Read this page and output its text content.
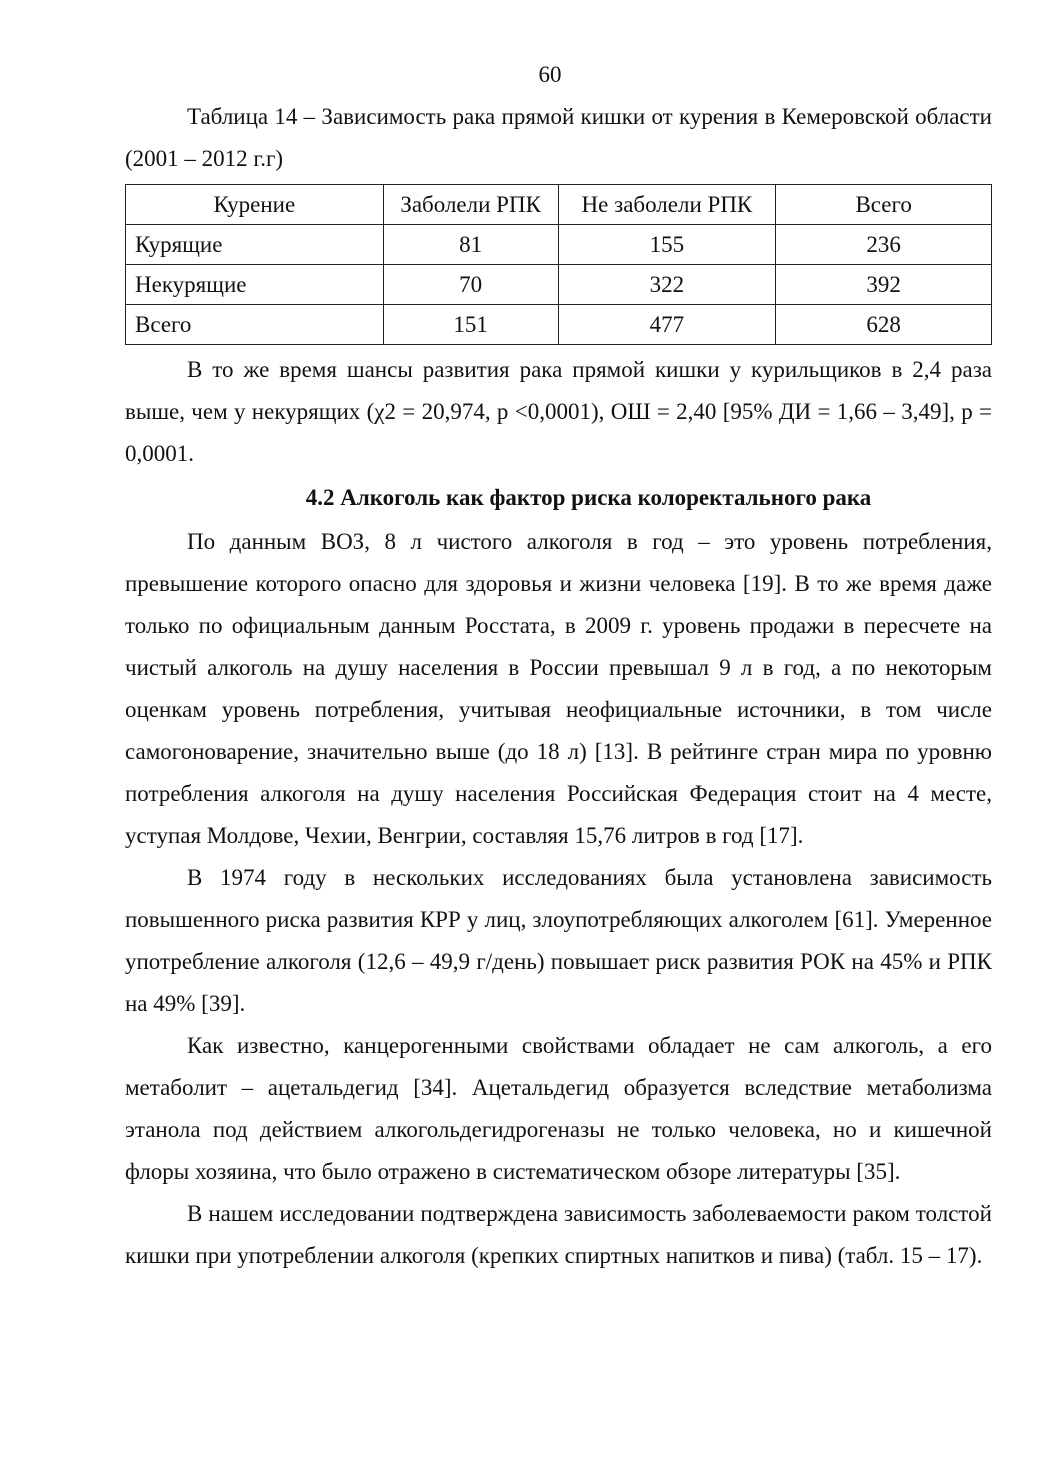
60
Таблица 14 – Зависимость рака прямой кишки от курения в Кемеровской области (2001 – 2012 г.г)
Курение	Заболели РПК	Не заболели РПК	Всего
Курящие	81	155	236
Некурящие	70	322	392
Всего	151	477	628

В то же время шансы развития рака прямой кишки у курильщиков в 2,4 раза выше, чем у некурящих (χ2 = 20,974, p <0,0001), ОШ = 2,40 [95% ДИ = 1,66 – 3,49], p = 0,0001.

4.2 Алкоголь как фактор риска колоректального рака

По данным ВОЗ, 8 л чистого алкоголя в год – это уровень потребления, превышение которого опасно для здоровья и жизни человека [19]. В то же время даже только по официальным данным Росстата, в 2009 г. уровень продажи в пересчете на чистый алкоголь на душу населения в России превышал 9 л в год, а по некоторым оценкам уровень потребления, учитывая неофициальные источники, в том числе самогоноварение, значительно выше (до 18 л) [13]. В рейтинге стран мира по уровню потребления алкоголя на душу населения Российская Федерация стоит на 4 месте, уступая Молдове, Чехии, Венгрии, составляя 15,76 литров в год [17].

В 1974 году в нескольких исследованиях была установлена зависимость повышенного риска развития КРР у лиц, злоупотребляющих алкоголем [61]. Умеренное употребление алкоголя (12,6 – 49,9 г/день) повышает риск развития РОК на 45% и РПК на 49% [39].

Как известно, канцерогенными свойствами обладает не сам алкоголь, а его метаболит – ацетальдегид [34]. Ацетальдегид образуется вследствие метаболизма этанола под действием алкогольдегидрогеназы не только человека, но и кишечной флоры хозяина, что было отражено в систематическом обзоре литературы [35].

В нашем исследовании подтверждена зависимость заболеваемости раком толстой кишки при употреблении алкоголя (крепких спиртных напитков и пива) (табл. 15 – 17).
